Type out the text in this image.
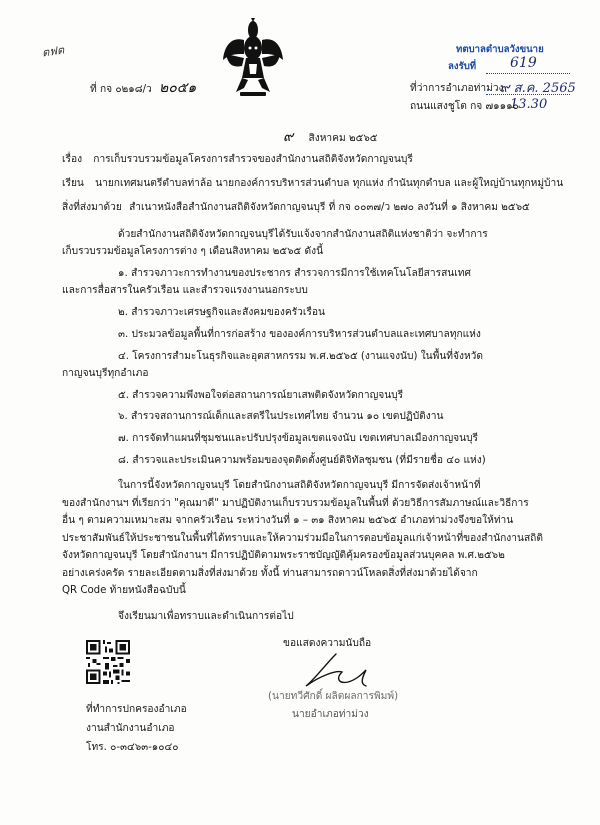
ตฟต
ที่ กจ ๐๒๑๘/ว ๒๐๕๑
ทตบาลตำบลวังขนาย
ลงรับที่ 619
๙ ส.ค. 2565
13.30
ที่ว่าการอำเภอท่าม่วง
ถนนแสงชูโต กจ ๗๑๑๑๐
๙ สิงหาคม ๒๕๖๕
เรื่อง การเก็บรวบรวมข้อมูลโครงการสำรวจของสำนักงานสถิติจังหวัดกาญจนบุรี
เรียน นายกเทศมนตรีตำบลท่าล้อ นายกองค์การบริหารส่วนตำบล ทุกแห่ง กำนันทุกตำบล และผู้ใหญ่บ้านทุกหมู่บ้าน
สิ่งที่ส่งมาด้วย สำเนาหนังสือสำนักงานสถิติจังหวัดกาญจนบุรี ที่ กจ ๐๐๓๗/ว ๒๗๐ ลงวันที่ ๑ สิงหาคม ๒๕๖๕
ด้วยสำนักงานสถิติจังหวัดกาญจนบุรีได้รับแจ้งจากสำนักงานสถิติแห่งชาติว่า จะทำการ
เก็บรวบรวมข้อมูลโครงการต่าง ๆ เดือนสิงหาคม ๒๕๖๕ ดังนี้
๑. สำรวจภาวะการทำงานของประชากร สำรวจการมีการใช้เทคโนโลยีสารสนเทศ
และการสื่อสารในครัวเรือน และสำรวจแรงงานนอกระบบ
๒. สำรวจภาวะเศรษฐกิจและสังคมของครัวเรือน
๓. ประมวลข้อมูลพื้นที่การก่อสร้าง ขององค์การบริหารส่วนตำบลและเทศบาลทุกแห่ง
๔. โครงการสำมะโนธุรกิจและอุตสาหกรรม พ.ศ.๒๕๖๕ (งานแจงนับ) ในพื้นที่จังหวัด
กาญจนบุรีทุกอำเภอ
๕. สำรวจความพึงพอใจต่อสถานการณ์ยาเสพติดจังหวัดกาญจนบุรี
๖. สำรวจสถานการณ์เด็กและสตรีในประเทศไทย จำนวน ๑๐ เขตปฏิบัติงาน
๗. การจัดทำแผนที่ชุมชนและปรับปรุงข้อมูลเขตแจงนับ เขตเทศบาลเมืองกาญจนบุรี
๘. สำรวจและประเมินความพร้อมของจุดติดตั้งศูนย์ดิจิทัลชุมชน (ที่มีรายชื่อ ๔๐ แห่ง)
ในการนี้จังหวัดกาญจนบุรี โดยสำนักงานสถิติจังหวัดกาญจนบุรี มีการจัดส่งเจ้าหน้าที่
ของสำนักงานฯ ที่เรียกว่า "คุณมาดี" มาปฏิบัติงานเก็บรวบรวมข้อมูลในพื้นที่ ด้วยวิธีการสัมภาษณ์และวิธีการ
อื่น ๆ ตามความเหมาะสม จากครัวเรือน ระหว่างวันที่ ๑ – ๓๑ สิงหาคม ๒๕๖๕ อำเภอท่าม่วงจึงขอให้ท่าน
ประชาสัมพันธ์ให้ประชาชนในพื้นที่ได้ทราบและให้ความร่วมมือในการตอบข้อมูลแก่เจ้าหน้าที่ของสำนักงานสถิติ
จังหวัดกาญจนบุรี โดยสำนักงานฯ มีการปฏิบัติตามพระราชบัญญัติคุ้มครองข้อมูลส่วนบุคคล พ.ศ.๒๕๖๒
อย่างเคร่งครัด รายละเอียดตามสิ่งที่ส่งมาด้วย ทั้งนี้ ท่านสามารถดาวน์โหลดสิ่งที่ส่งมาด้วยได้จาก
QR Code ท้ายหนังสือฉบับนี้
จึงเรียนมาเพื่อทราบและดำเนินการต่อไป
ขอแสดงความนับถือ
(นายทวีศักดิ์ ผลิตผลการพิมพ์)
นายอำเภอท่าม่วง
ที่ทำการปกครองอำเภอ
งานสำนักงานอำเภอ
โทร. ๐-๓๔๖๓-๑๐๔๐
